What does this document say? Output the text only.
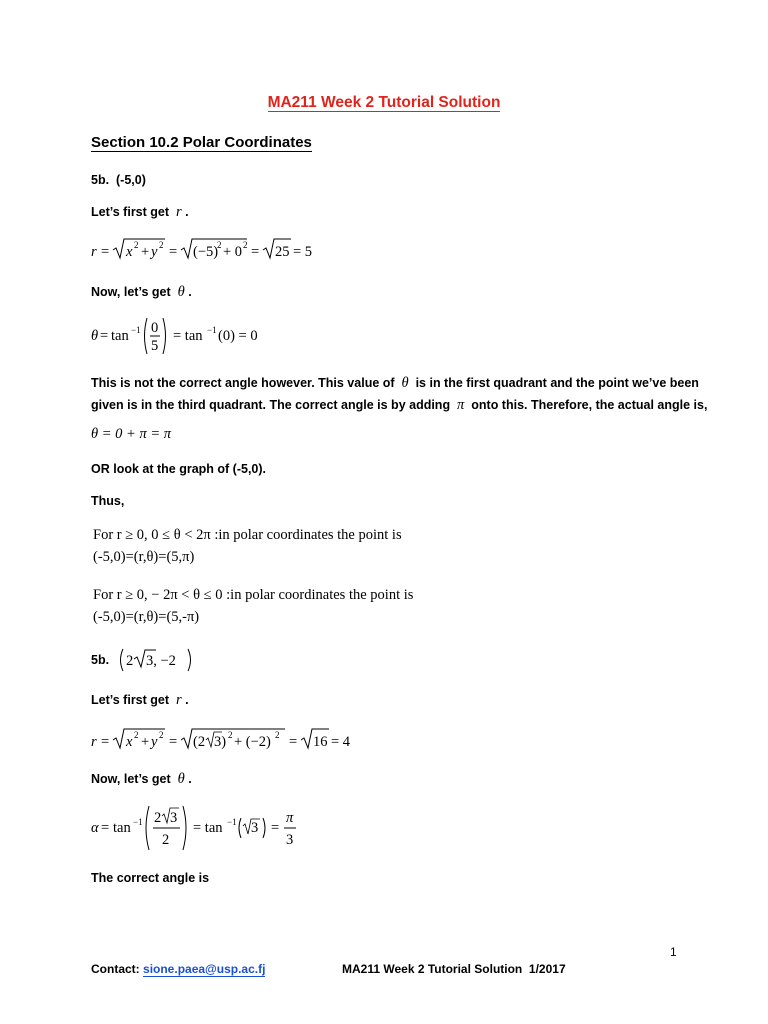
MA211 Week 2 Tutorial Solution
Section 10.2 Polar Coordinates
5b. (-5,0)
Let’s first get r .
r = x 2 + y 2 = (−5)
2 + 0 2 = 25 = 5
Now, let’s get θ .
θ = tan −1 0
5
= tan −1 (0) = 0
This is not the correct angle however. This value of θ is in the first quadrant and the point we’ve been
given is in the third quadrant. The correct angle is by adding π onto this. Therefore, the actual angle is,
θ = 0 + π = π
OR look at the graph of (-5,0).
Thus,
For r ≥ 0, 0 ≤ θ < 2π :in polar coordinates the point is
(-5,0)=(r,θ)=(5,π)
For r ≥ 0, − 2π < θ ≤ 0 :in polar coordinates the point is
(-5,0)=(r,θ)=(5,-π)
5b. 2 3, −2
Let’s first get r .
r = x 2 + y 2 = (2 3) 2 + (−2) 2 = 16 = 4
Now, let’s get θ .
α = tan −1 2 3
2
= tan −1 3 =
π
3
The correct angle is
1
Contact: sione.paea@usp.ac.fj	MA211 Week 2 Tutorial Solution  1/2017
